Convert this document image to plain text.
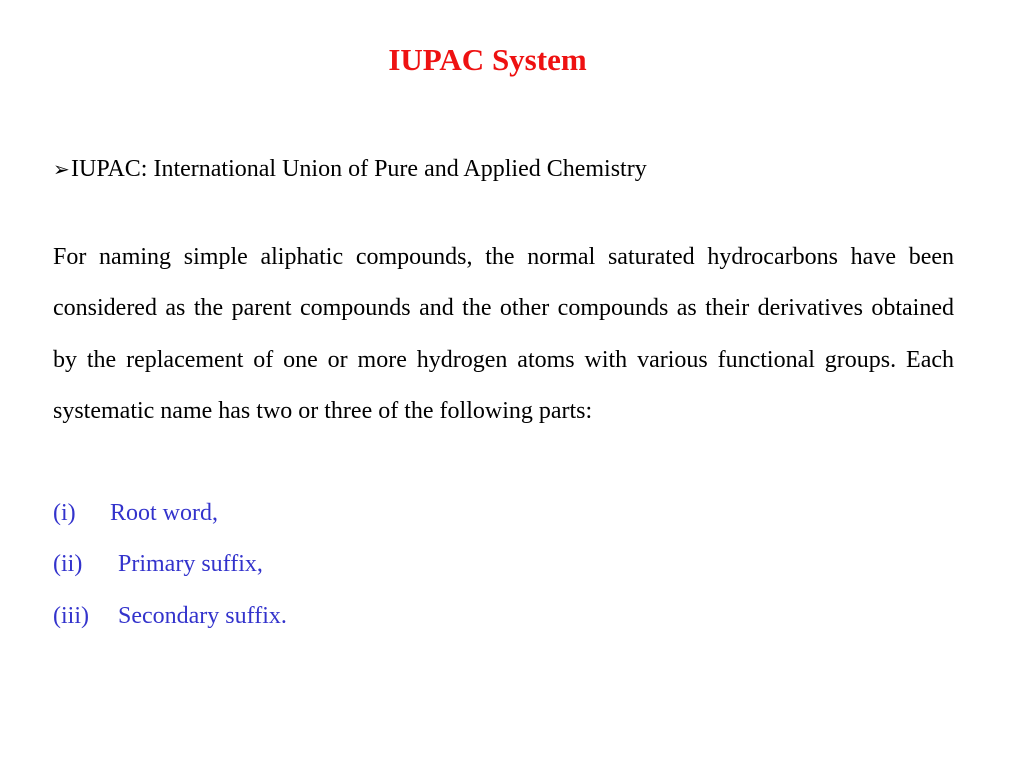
IUPAC System
➢IUPAC: International Union of Pure and Applied Chemistry

For naming simple aliphatic compounds, the normal saturated hydrocarbons have been considered as the parent compounds and the other compounds as their derivatives obtained by the replacement of one or more hydrogen atoms with various functional groups. Each systematic name has two or three of the following parts:

(i) Root word,
(ii) Primary suffix,
(iii) Secondary suffix.
